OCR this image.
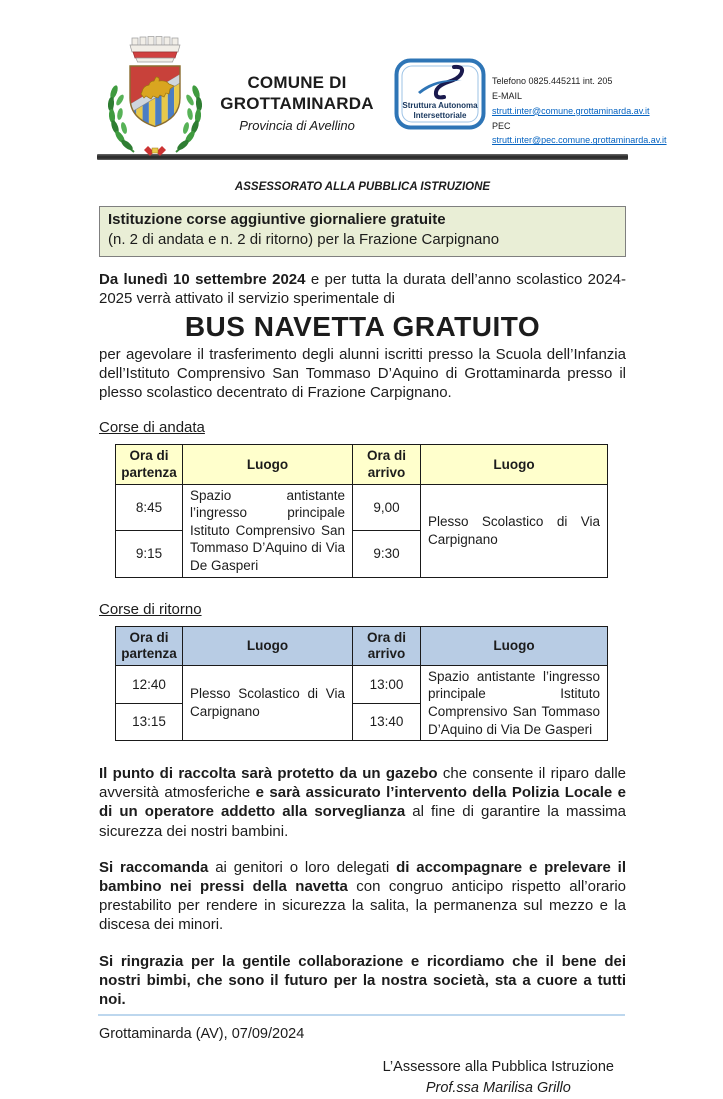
COMUNE DI
GROTTAMINARDA
Provincia di Avellino
Struttura Autonoma
Intersettoriale
Telefono 0825.445211 int. 205
E-MAIL strutt.inter@comune.grottaminarda.av.it
PEC strutt.inter@pec.comune.grottaminarda.av.it
ASSESSORATO ALLA PUBBLICA ISTRUZIONE
Istituzione corse aggiuntive giornaliere gratuite
(n. 2 di andata e n. 2 di ritorno) per la Frazione Carpignano

Da lunedì 10 settembre 2024 e per tutta la durata dell’anno scolastico 2024-2025 verrà attivato il servizio sperimentale di

BUS NAVETTA GRATUITO

per agevolare il trasferimento degli alunni iscritti presso la Scuola dell’Infanzia dell’Istituto Comprensivo San Tommaso D’Aquino di Grottaminarda presso il plesso scolastico decentrato di Frazione Carpignano.

Corse di andata
Ora di partenza	Luogo	Ora di arrivo	Luogo
8:45	Spazio antistante l’ingresso principale Istituto Comprensivo San Tommaso D’Aquino di Via De Gasperi	9,00	Plesso Scolastico di Via Carpignano
9:15		9:30	
Corse di ritorno
Ora di partenza	Luogo	Ora di arrivo	Luogo
12:40	Plesso Scolastico di Via Carpignano	13:00	Spazio antistante l’ingresso principale Istituto Comprensivo San Tommaso D’Aquino di Via De Gasperi
13:15		13:40	

Il punto di raccolta sarà protetto da un gazebo che consente il riparo dalle avversità atmosferiche e sarà assicurato l’intervento della Polizia Locale e di un operatore addetto alla sorveglianza al fine di garantire la massima sicurezza dei nostri bambini.

Si raccomanda ai genitori o loro delegati di accompagnare e prelevare il bambino nei pressi della navetta con congruo anticipo rispetto all’orario prestabilito per rendere in sicurezza la salita, la permanenza sul mezzo e la discesa dei minori.

Si ringrazia per la gentile collaborazione e ricordiamo che il bene dei nostri bimbi, che sono il futuro per la nostra società, sta a cuore a tutti noi.

Grottaminarda (AV), 07/09/2024
L’Assessore alla Pubblica Istruzione
Prof.ssa Marilisa Grillo
